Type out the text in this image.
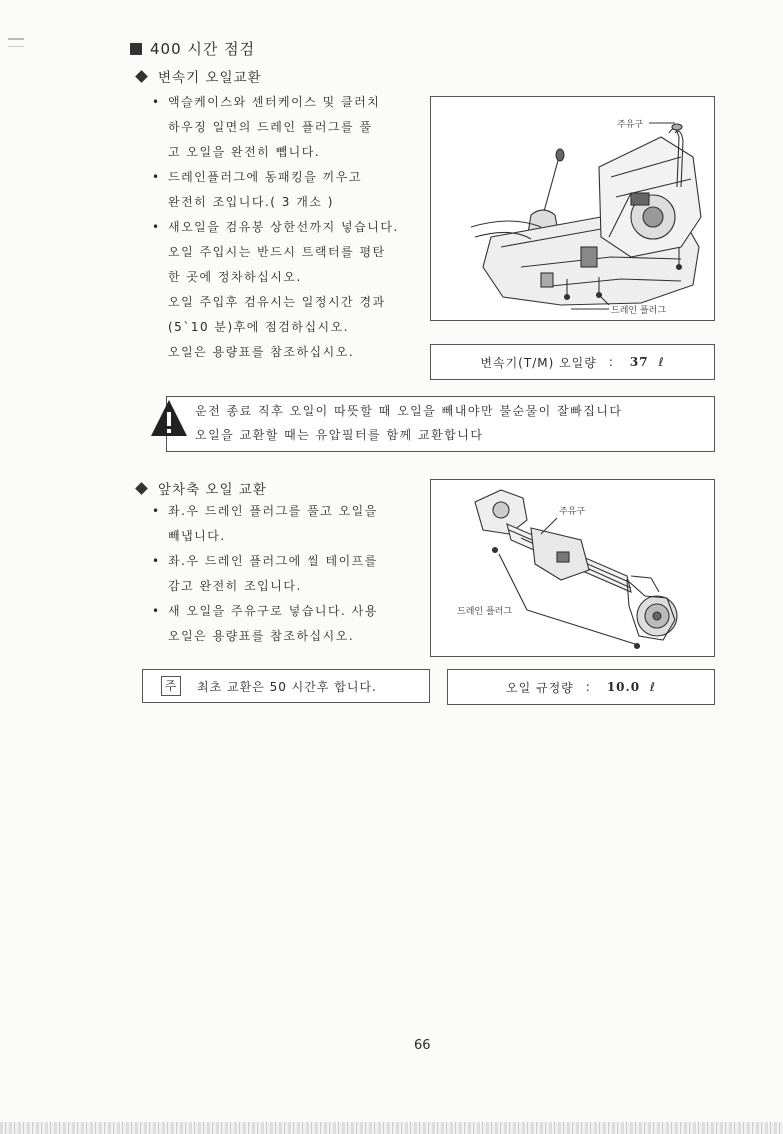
400 시간 점검
변속기 오일교환
• 액슬케이스와 센터케이스 및 클러치
하우징 일면의 드레인 플러그를 풀
고 오일을 완전히 뺍니다.
• 드레인플러그에 동패킹을 끼우고
완전히 조입니다.( 3 개소 )
• 새오일을 검유봉 상한선까지 넣습니다.
오일 주입시는 반드시 트랙터를 평탄
한 곳에 정차하십시오.
오일 주입후 검유시는 일정시간 경과
(5`10 분)후에 점검하십시오.
오일은 용량표를 참조하십시오.
주유구
드레인 플러그
변속기(T/M) 오일량 : 37 ℓ
운전 종료 직후 오일이 따뜻할 때 오일을 빼내야만 불순물이 잘빠집니다
오일을 교환할 때는 유압필터를 함께 교환합니다
앞차축 오일 교환
• 좌.우 드레인 플러그를 풀고 오일을
빼냅니다.
• 좌.우 드레인 플러그에 씰 테이프를
감고 완전히 조입니다.
• 새 오일을 주유구로 넣습니다. 사용
오일은 용량표를 참조하십시오.
주유구
드레인 플러그
주	최초 교환은 50 시간후 합니다.	오일 규정량 : 10.0 ℓ
66
